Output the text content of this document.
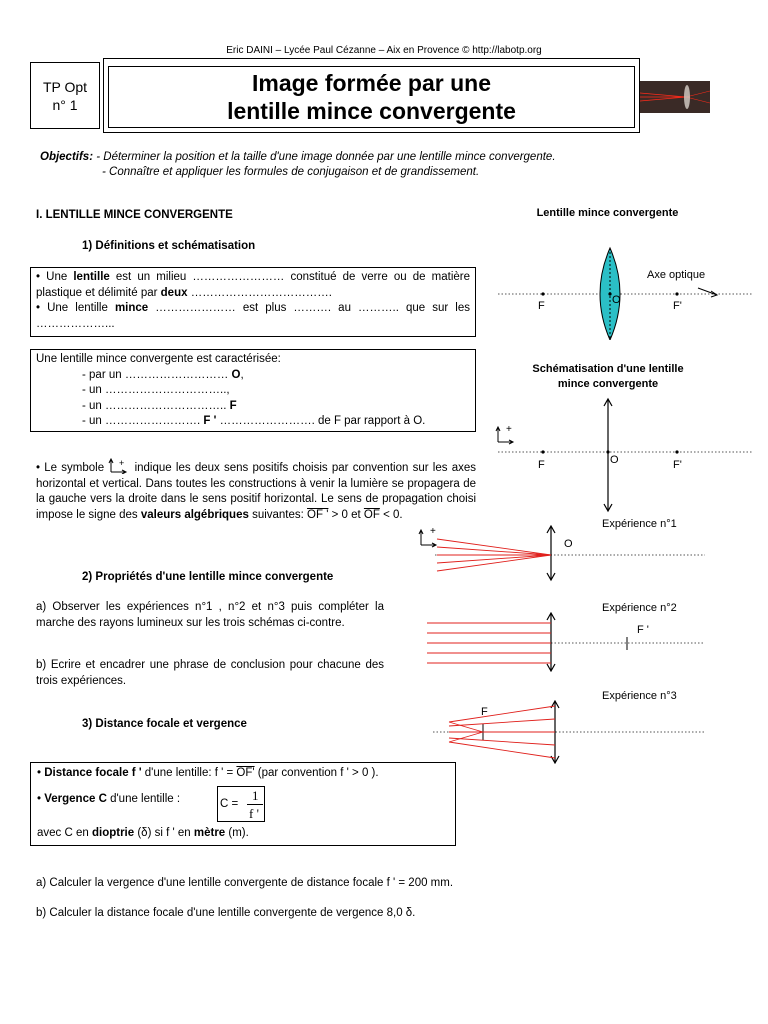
Eric DAINI – Lycée Paul Cézanne – Aix en Provence © http://labotp.org
TP Opt
n° 1
Image formée par une
lentille mince convergente
Objectifs: - Déterminer la position et la taille d'une image donnée par une lentille mince convergente.
- Connaître et appliquer les formules de conjugaison et de grandissement.
I. LENTILLE MINCE CONVERGENTE
1) Définitions et schématisation
• Une lentille est un milieu …………………… constitué de verre ou de matière plastique et délimité par deux ……………………………….
• Une lentille mince ………………… est plus ………. au ……….. que sur les ………………...
Une lentille mince convergente est caractérisée:
- par un ……………………… O,
- un …………………………..,
- un ………………………….. F
- un ……………………. F ' ……………………. de F par rapport à O.
• Le symbole + indique les deux sens positifs choisis par convention sur les axes horizontal et vertical. Dans toutes les constructions à venir la lumière se propagera de la gauche vers la droite dans le sens positif horizontal. Le sens de propagation choisi impose le signe des valeurs algébriques suivantes: OF ' > 0 et $\overline{OF} < 0$.
2) Propriétés d'une lentille mince convergente
a) Observer les expériences n°1 , n°2 et n°3 puis compléter la marche des rayons lumineux sur les trois schémas ci-contre.
b) Ecrire et encadrer une phrase de conclusion pour chacune des trois expériences.
3) Distance focale et vergence
• Distance focale f ' d'une lentille: f ' = OF' (par convention f ' > 0 ).
• Vergence C d'une lentille :	C =
1
f '
avec C en dioptrie (δ) si f ' en mètre (m).
a) Calculer la vergence d'une lentille convergente de distance focale f ' = 200 mm.
b) Calculer la distance focale d'une lentille convergente de vergence 8,0 δ.
Lentille mince convergente
Axe optique
F	O	F'
Schématisation d'une lentille
mince convergente
+
F	O	F'
Expérience n°1
+
O
Expérience n°2
F '
Expérience n°3
F
